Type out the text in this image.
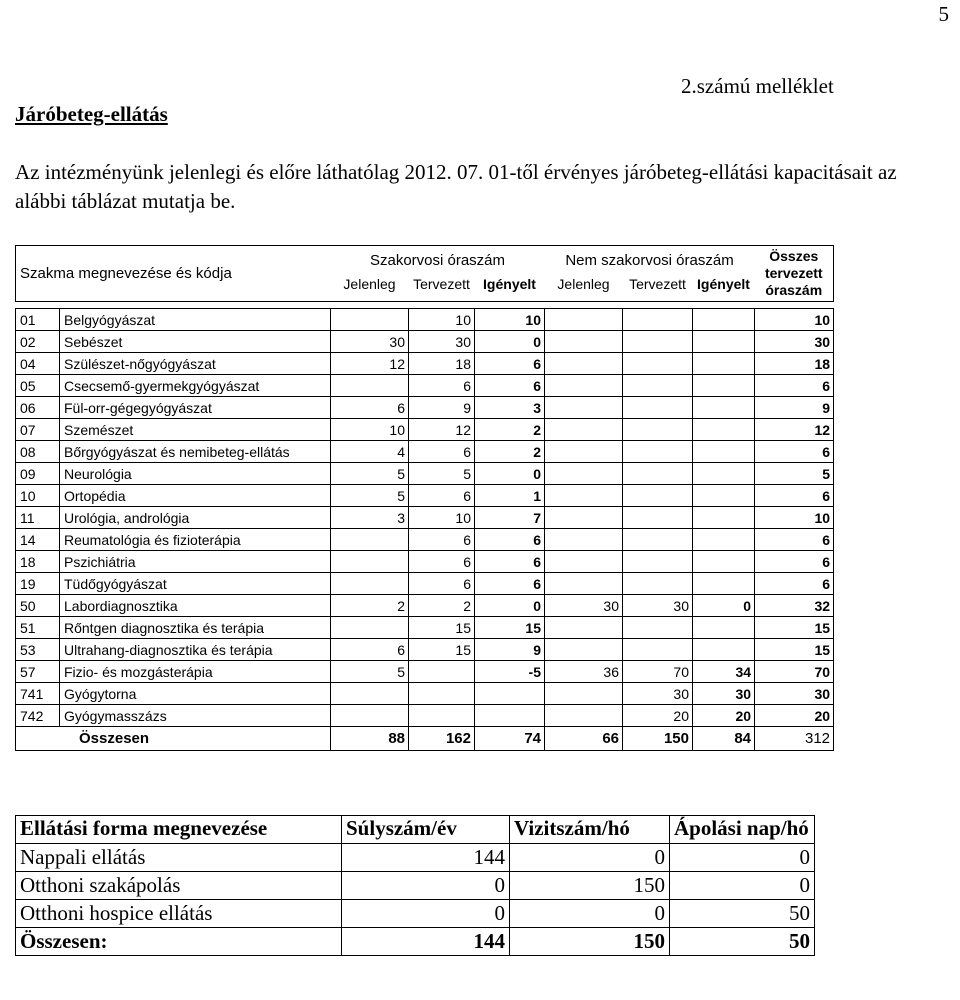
5
2.számú melléklet
Járóbeteg-ellátás
Az intézményünk jelenlegi és előre láthatólag 2012. 07. 01-től érvényes járóbeteg-ellátási kapacitásait az alábbi táblázat mutatja be.
Szakma megnevezése és kódja		Szakorvosi óraszám			Nem szakorvosi óraszám			Összes tervezett óraszám
		Jelenleg	Tervezett	Igényelt	Jelenleg	Tervezett	Igényelt	

01	Belgyógyászat		10	10				10
02	Sebészet	30	30	0				30
04	Szülészet-nőgyógyászat	12	18	6				18
05	Csecsemő-gyermekgyógyászat		6	6				6
06	Fül-orr-gégegyógyászat	6	9	3				9
07	Szemészet	10	12	2				12
08	Bőrgyógyászat és nemibeteg-ellátás	4	6	2				6
09	Neurológia	5	5	0				5
10	Ortopédia	5	6	1				6
11	Urológia, andrológia	3	10	7				10
14	Reumatológia és fizioterápia		6	6				6
18	Pszichiátria		6	6				6
19	Tüdőgyógyászat		6	6				6
50	Labordiagnosztika	2	2	0	30	30	0	32
51	Rőntgen diagnosztika és terápia		15	15				15
53	Ultrahang-diagnosztika és terápia	6	15	9				15
57	Fizio- és mozgásterápia	5		-5	36	70	34	70
741	Gyógytorna					30	30	30
742	Gyógymasszázs					20	20	20

Összesen		88	162	74	66	150	84	312
Ellátási forma megnevezése	Súlyszám/év	Vizitszám/hó	Ápolási nap/hó
Nappali ellátás	144	0	0
Otthoni szakápolás	0	150	0
Otthoni hospice ellátás	0	0	50
Összesen:	144	150	50
